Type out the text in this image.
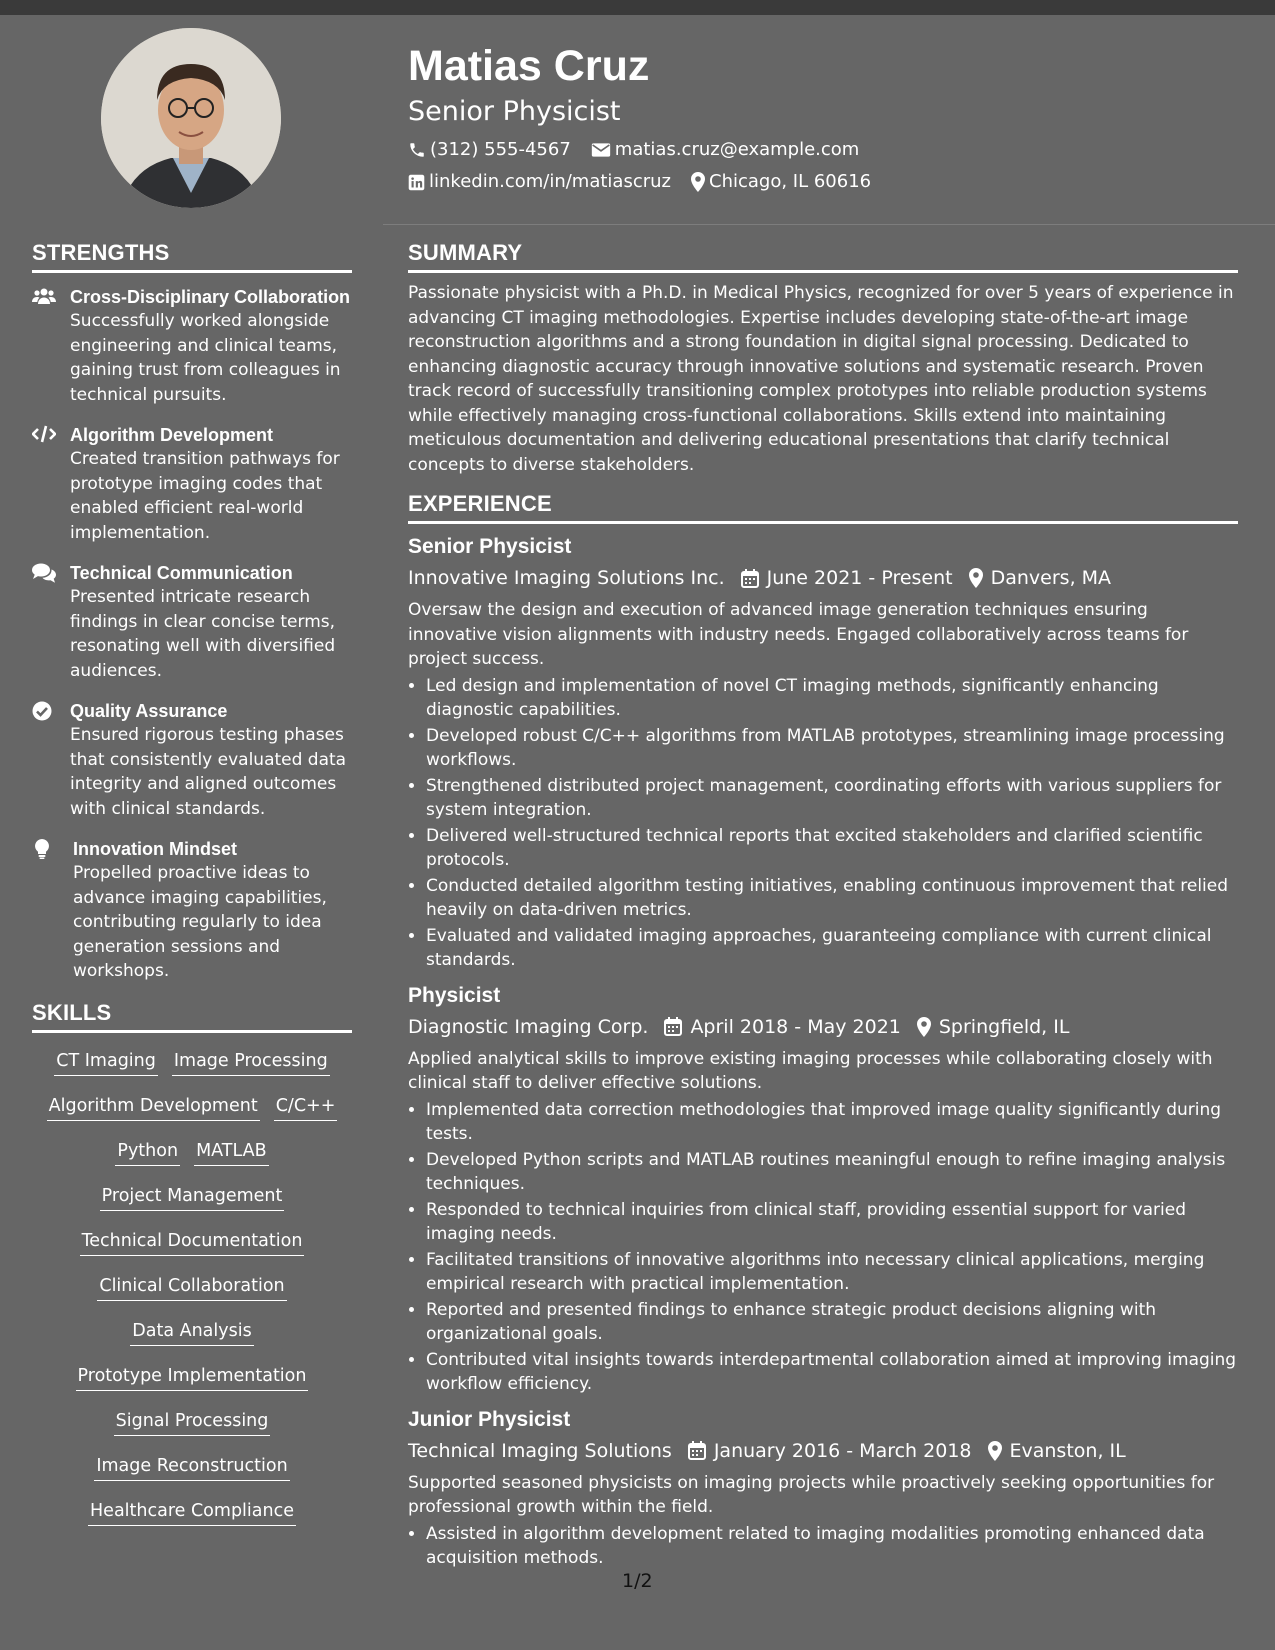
Matias Cruz
Senior Physicist
(312) 555-4567 matias.cruz@example.com
linkedin.com/in/matiascruz Chicago, IL 60616
STRENGTHS
Cross-Disciplinary Collaboration
Successfully worked alongside engineering and clinical teams, gaining trust from colleagues in technical pursuits.
Algorithm Development
Created transition pathways for prototype imaging codes that enabled efficient real-world implementation.
Technical Communication
Presented intricate research findings in clear concise terms, resonating well with diversified audiences.
Quality Assurance
Ensured rigorous testing phases that consistently evaluated data integrity and aligned outcomes with clinical standards.
Innovation Mindset
Propelled proactive ideas to advance imaging capabilities, contributing regularly to idea generation sessions and workshops.
SKILLS
CT Imaging Image Processing
Algorithm Development C/C++
Python MATLAB
Project Management
Technical Documentation
Clinical Collaboration
Data Analysis
Prototype Implementation
Signal Processing
Image Reconstruction
Healthcare Compliance
SUMMARY

Passionate physicist with a Ph.D. in Medical Physics, recognized for over 5 years of experience in advancing CT imaging methodologies. Expertise includes developing state-of-the-art image reconstruction algorithms and a strong foundation in digital signal processing. Dedicated to enhancing diagnostic accuracy through innovative solutions and systematic research. Proven track record of successfully transitioning complex prototypes into reliable production systems while effectively managing cross-functional collaborations. Skills extend into maintaining meticulous documentation and delivering educational presentations that clarify technical concepts to diverse stakeholders.

EXPERIENCE
Senior Physicist
Innovative Imaging Solutions Inc. June 2021 - Present Danvers, MA
Oversaw the design and execution of advanced image generation techniques ensuring innovative vision alignments with industry needs. Engaged collaboratively across teams for project success.
• Led design and implementation of novel CT imaging methods, significantly enhancing diagnostic capabilities.
• Developed robust C/C++ algorithms from MATLAB prototypes, streamlining image processing workflows.
• Strengthened distributed project management, coordinating efforts with various suppliers for system integration.
• Delivered well-structured technical reports that excited stakeholders and clarified scientific protocols.
• Conducted detailed algorithm testing initiatives, enabling continuous improvement that relied heavily on data-driven metrics.
• Evaluated and validated imaging approaches, guaranteeing compliance with current clinical standards.
Physicist
Diagnostic Imaging Corp. April 2018 - May 2021 Springfield, IL
Applied analytical skills to improve existing imaging processes while collaborating closely with clinical staff to deliver effective solutions.
• Implemented data correction methodologies that improved image quality significantly during tests.
• Developed Python scripts and MATLAB routines meaningful enough to refine imaging analysis techniques.
• Responded to technical inquiries from clinical staff, providing essential support for varied imaging needs.
• Facilitated transitions of innovative algorithms into necessary clinical applications, merging empirical research with practical implementation.
• Reported and presented findings to enhance strategic product decisions aligning with organizational goals.
• Contributed vital insights towards interdepartmental collaboration aimed at improving imaging workflow efficiency.
Junior Physicist
Technical Imaging Solutions January 2016 - March 2018 Evanston, IL
Supported seasoned physicists on imaging projects while proactively seeking opportunities for professional growth within the field.
• Assisted in algorithm development related to imaging modalities promoting enhanced data acquisition methods.
1/2
